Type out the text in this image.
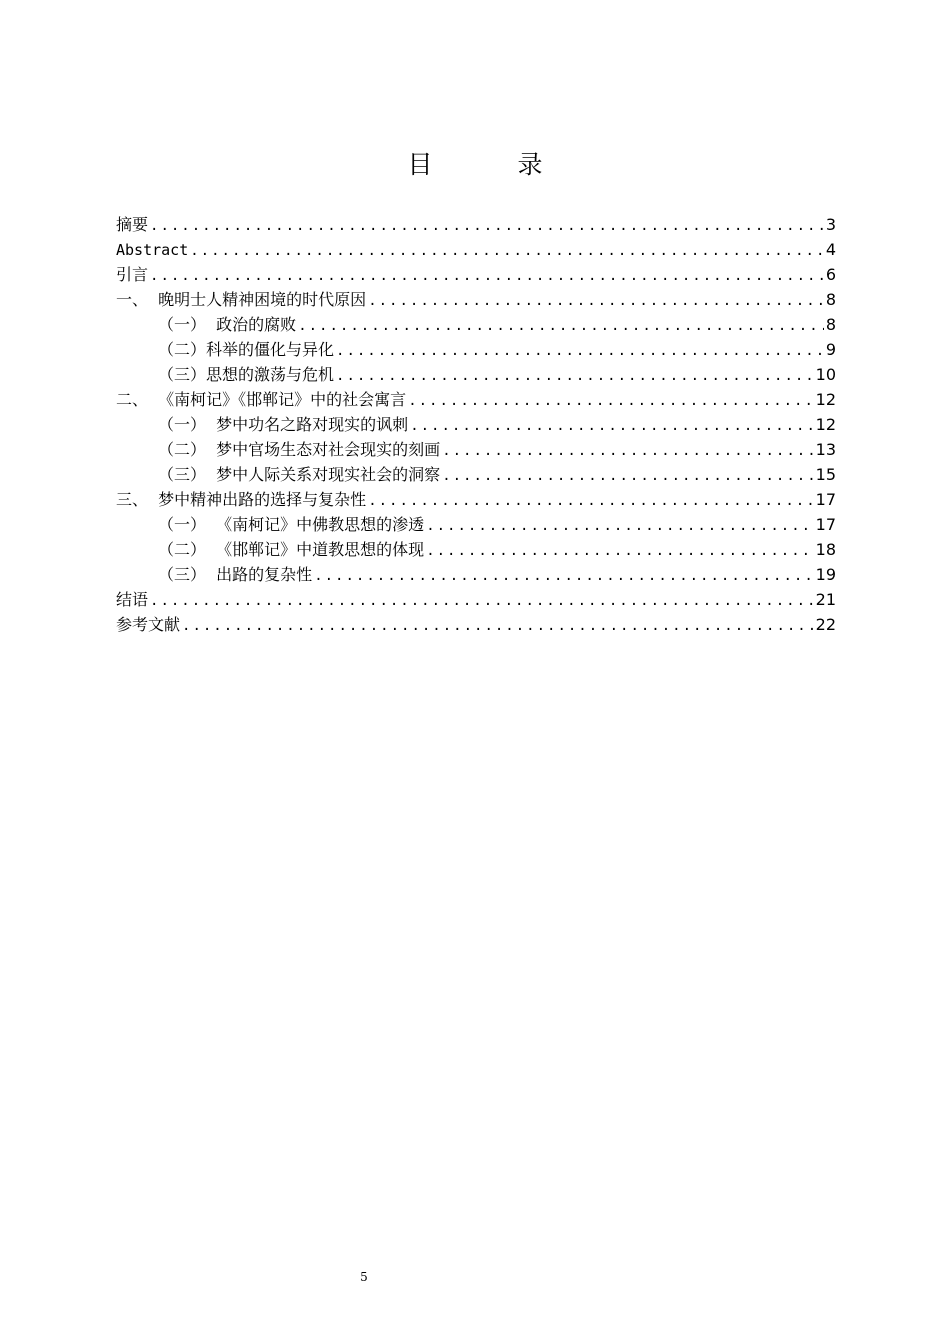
目　录
摘要 .....	3
Abstract .....	4
引言 .....	6
一、  晚明士人精神困境的时代原因 .....	8
（一）  政治的腐败 .....	8
（二）科举的僵化与异化 .....	9
（三）思想的激荡与危机 .....	10
二、  《南柯记》《邯郸记》中的社会寓言 .....	12
（一）  梦中功名之路对现实的讽刺 .....	12
（二）  梦中官场生态对社会现实的刻画 .....	13
（三）  梦中人际关系对现实社会的洞察 .....	15
三、  梦中精神出路的选择与复杂性 .....	17
（一）  《南柯记》中佛教思想的渗透 .....	17
（二）  《邯郸记》中道教思想的体现 .....	18
（三）  出路的复杂性 .....	19
结语 .....	21
参考文献 .....	22
5
